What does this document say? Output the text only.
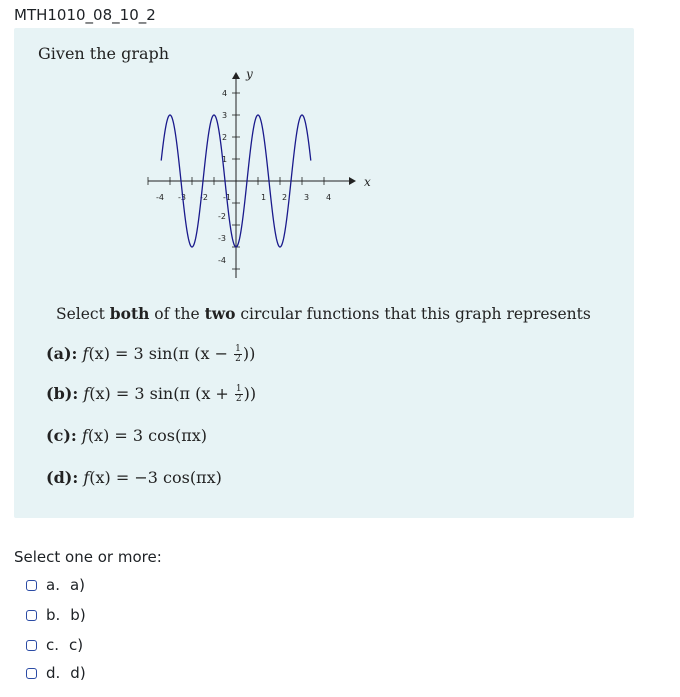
MTH1010_08_10_2
Given the graph
x
y
-4 -3 -2 -1	1 2 3 4
4
3
2
1
-2
-3
-4
Select both of the two circular functions that this graph represents
(a): f(x) = 3 sin(π ($x - \frac{1}{2}$ ))
(b): f(x) = 3 sin(π ($x + \frac{1}{2}$ ))
(c): f(x) = 3 cos(πx)
(d): f(x) = −3 cos(πx)
Select one or more:
a. a)
b. b)
c. c)
d. d)
